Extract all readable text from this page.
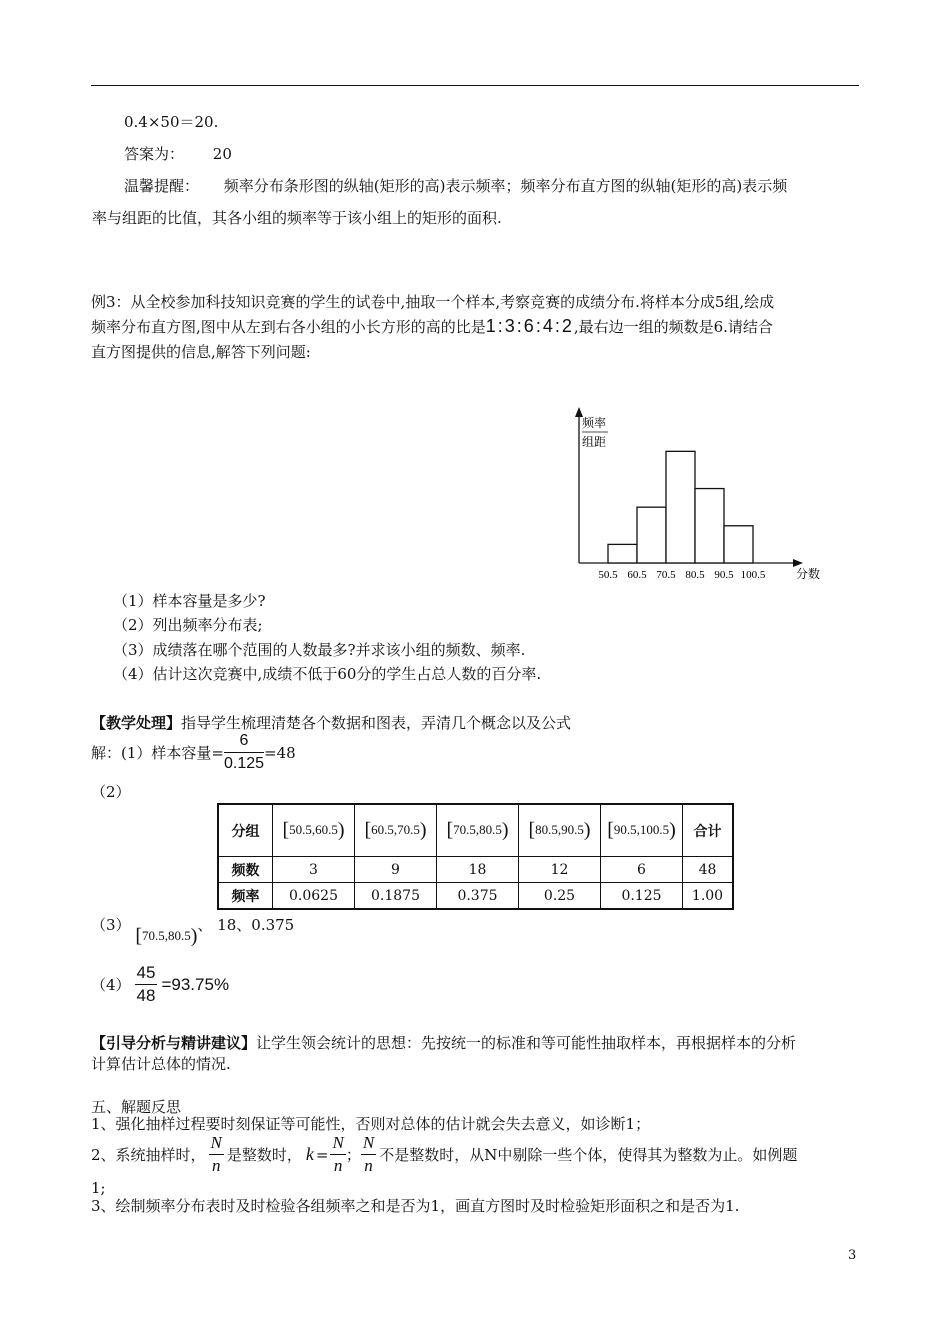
0.4×50＝20.
答案为： 20
温馨提醒： 频率分布条形图的纵轴(矩形的高)表示频率；频率分布直方图的纵轴(矩形的高)表示频
率与组距的比值，其各小组的频率等于该小组上的矩形的面积.
例3：从全校参加科技知识竞赛的学生的试卷中,抽取一个样本,考察竞赛的成绩分布.将样本分成5组,绘成
频率分布直方图,图中从左到右各小组的小长方形的高的比是1:3:6:4:2,最右边一组的频数是6.请结合
直方图提供的信息,解答下列问题:
频率
组距
分数
50.5 60.5 70.5 80.5 90.5 100.5
（1）样本容量是多少?
（2）列出频率分布表;
（3）成绩落在哪个范围的人数最多?并求该小组的频数、频率.
（4）估计这次竞赛中,成绩不低于60分的学生占总人数的百分率.
【教学处理】指导学生梳理清楚各个数据和图表，弄清几个概念以及公式
解：(1）样本容量= $\frac{6}{0.125} =48$
（2）
分组	[50.5,60.5)	[60.5,70.5)	[70.5,80.5)	[80.5,90.5)	[90.5,100.5)	合计
频数	3	9	18	12	6	48
频率	0.0625	0.1875	0.375	0.25	0.125	1.00
（3） [70.5,80.5)、 18、0.375
$(4) \frac{45}{48} =93.75\%$
【引导分析与精讲建议】让学生领会统计的思想：先按统一的标准和等可能性抽取样本，再根据样本的分析
计算估计总体的情况.
五、解题反思
1、强化抽样过程要时刻保证等可能性，否则对总体的估计就会失去意义，如诊断1；
2、系统抽样时， $\frac{N}{n}$ 是整数时， $k = \frac{N}{n}$ ； $\frac{N}{n}$ 不是整数时，从N中剔除一些个体，使得其为整数为止。如例题
1;
3、绘制频率分布表时及时检验各组频率之和是否为1，画直方图时及时检验矩形面积之和是否为1.
3
